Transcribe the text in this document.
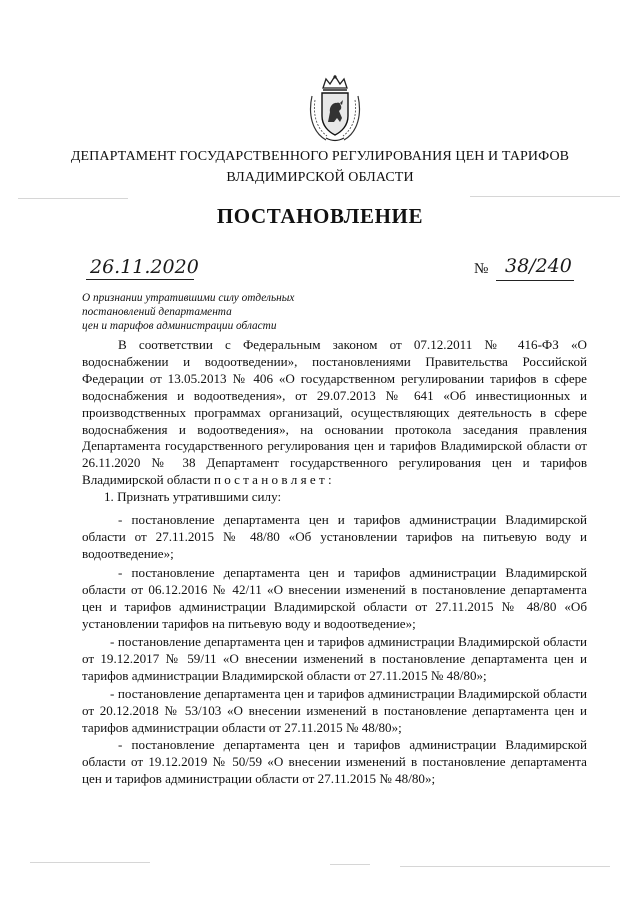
ДЕПАРТАМЕНТ ГОСУДАРСТВЕННОГО РЕГУЛИРОВАНИЯ ЦЕН И ТАРИФОВ
ВЛАДИМИРСКОЙ ОБЛАСТИ
ПОСТАНОВЛЕНИЕ
26.11.2020	№ 38/240
О признании утратившими силу отдельных
постановлений департамента
цен и тарифов администрации области
В соответствии с Федеральным законом от 07.12.2011 № 416-ФЗ «О водоснабжении и водоотведении», постановлениями Правительства Российской Федерации от 13.05.2013 № 406 «О государственном регулировании тарифов в сфере водоснабжения и водоотведения», от 29.07.2013 № 641 «Об инвестиционных и производственных программах организаций, осуществляющих деятельность в сфере водоснабжения и водоотведения», на основании протокола заседания правления Департамента государственного регулирования цен и тарифов Владимирской области от 26.11.2020 № 38 Департамент государственного регулирования цен и тарифов Владимирской области п о с т а н о в л я е т :
1. Признать утратившими силу:
- постановление департамента цен и тарифов администрации Владимирской области от 27.11.2015 № 48/80 «Об установлении тарифов на питьевую воду и водоотведение»;
- постановление департамента цен и тарифов администрации Владимирской области от 06.12.2016 № 42/11 «О внесении изменений в постановление департамента цен и тарифов администрации Владимирской области от 27.11.2015 № 48/80 «Об установлении тарифов на питьевую воду и водоотведение»;
- постановление департамента цен и тарифов администрации Владимирской области от 19.12.2017 № 59/11 «О внесении изменений в постановление департамента цен и тарифов администрации Владимирской области от 27.11.2015 № 48/80»;
- постановление департамента цен и тарифов администрации Владимирской области от 20.12.2018 № 53/103 «О внесении изменений в постановление департамента цен и тарифов администрации области от 27.11.2015 № 48/80»;
- постановление департамента цен и тарифов администрации Владимирской области от 19.12.2019 № 50/59 «О внесении изменений в постановление департамента цен и тарифов администрации области от 27.11.2015 № 48/80»;
